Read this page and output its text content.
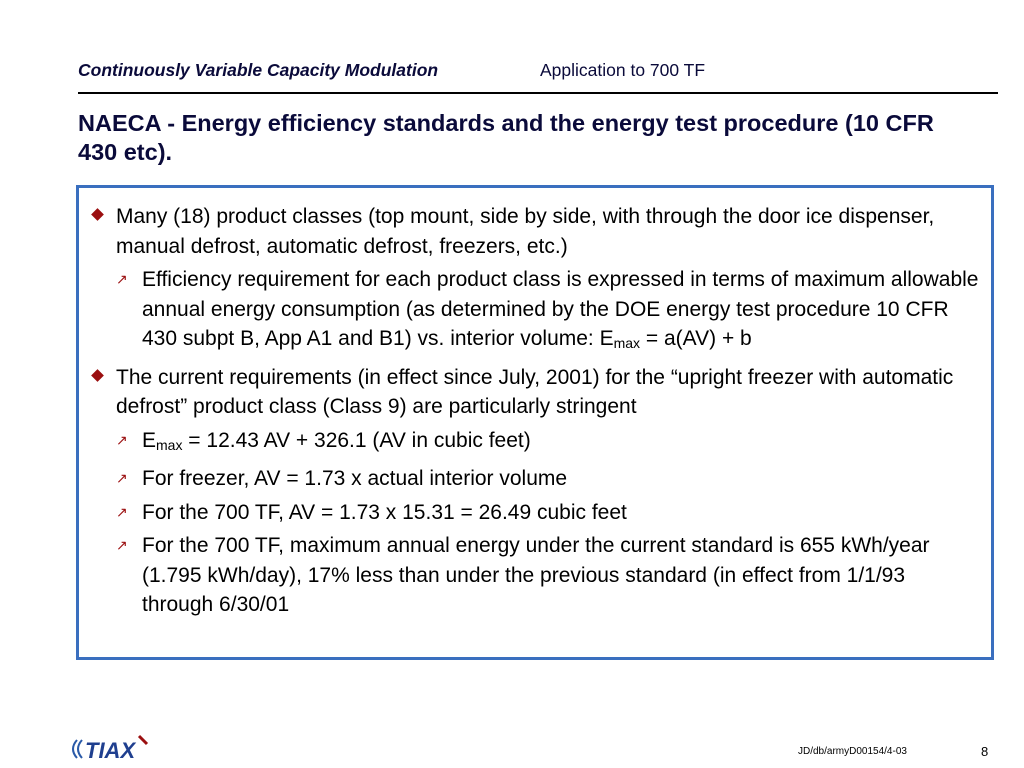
Continuously Variable Capacity Modulation	Application to 700 TF
NAECA - Energy efficiency standards and the energy test procedure (10 CFR 430 etc).
Many (18) product classes (top mount, side by side, with through the door ice dispenser, manual defrost, automatic defrost, freezers, etc.)
↗ Efficiency requirement for each product class is expressed in terms of maximum allowable annual energy consumption (as determined by the DOE energy test procedure 10 CFR 430 subpt B, App A1 and B1) vs. interior volume: $E_{max} = a(AV) + b$
The current requirements (in effect since July, 2001) for the “upright freezer with automatic defrost” product class (Class 9) are particularly stringent
↗ $E_{max} = 12.43$ AV + 326.1 (AV in cubic feet)
↗ For freezer, AV = 1.73 x actual interior volume
↗ For the 700 TF, AV = 1.73 x 15.31 = 26.49 cubic feet
↗ For the 700 TF, maximum annual energy under the current standard is 655 kWh/year (1.795 kWh/day), 17% less than under the previous standard (in effect from 1/1/93 through 6/30/01
TIAX	JD/db/armyD00154/4-03	8
